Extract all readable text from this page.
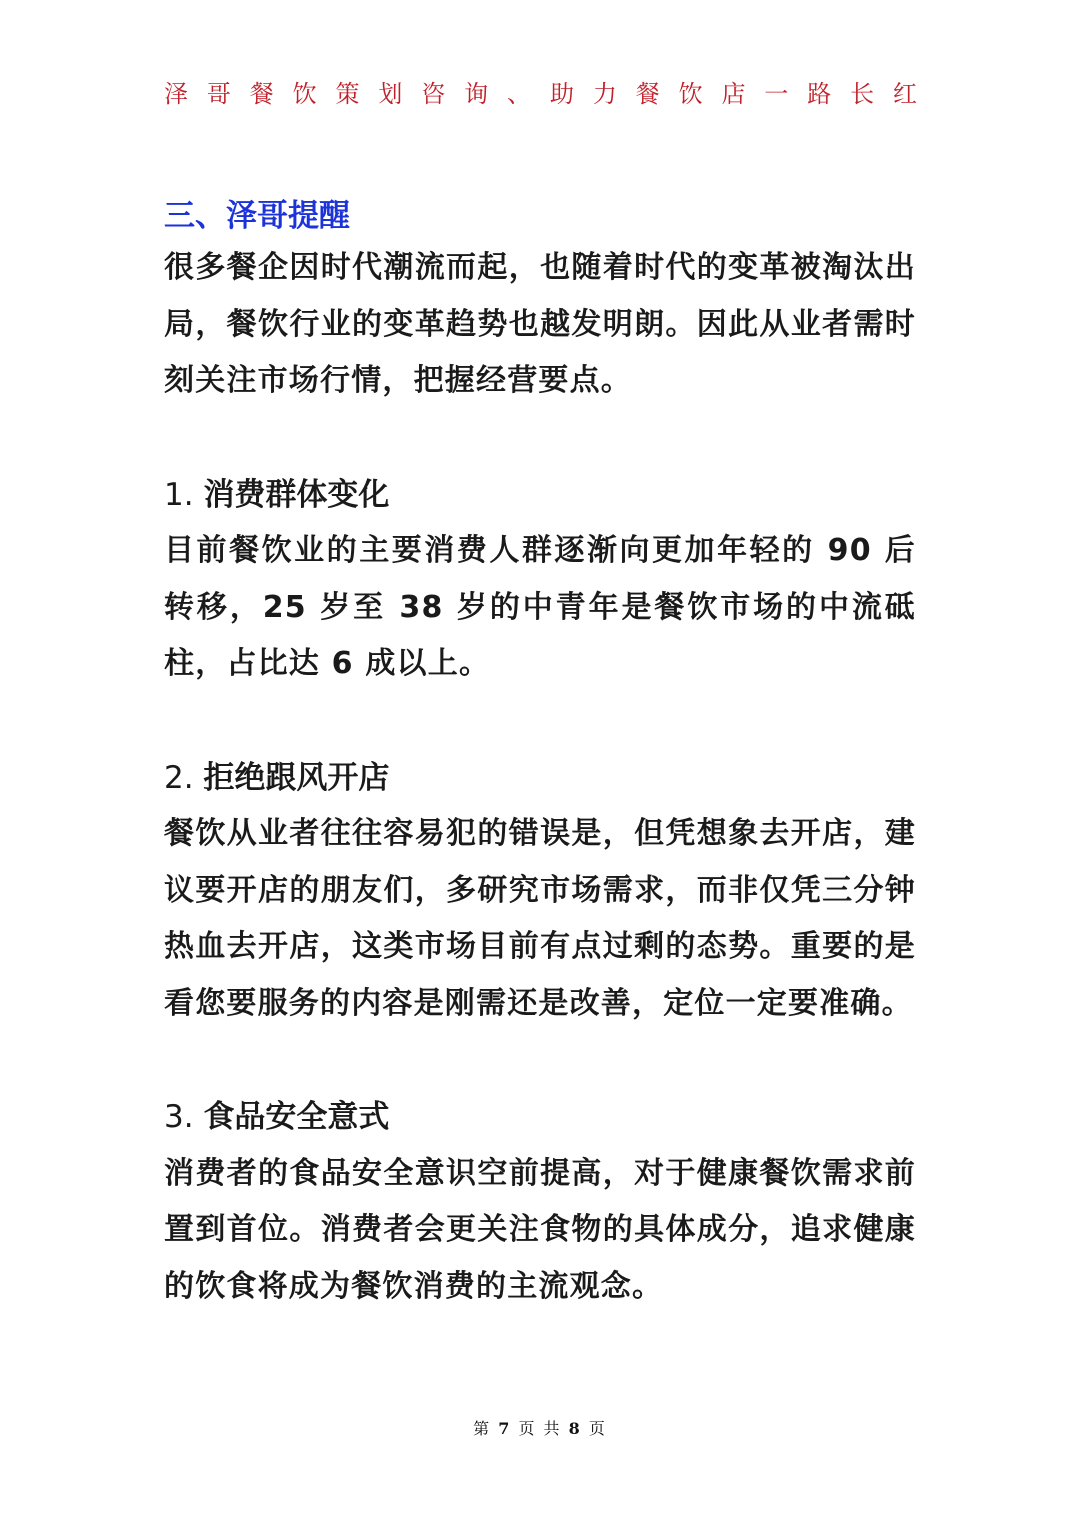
泽哥餐饮策划咨询、助力餐饮店一路长红
三、泽哥提醒

很多餐企因时代潮流而起，也随着时代的变革被淘汰出局，餐饮行业的变革趋势也越发明朗。因此从业者需时刻关注市场行情，把握经营要点。

1. 消费群体变化

目前餐饮业的主要消费人群逐渐向更加年轻的 90 后转移，25 岁至 38 岁的中青年是餐饮市场的中流砥柱，占比达 6 成以上。

2. 拒绝跟风开店

餐饮从业者往往容易犯的错误是，但凭想象去开店，建议要开店的朋友们，多研究市场需求，而非仅凭三分钟热血去开店，这类市场目前有点过剩的态势。重要的是看您要服务的内容是刚需还是改善，定位一定要准确。

3. 食品安全意式

消费者的食品安全意识空前提高，对于健康餐饮需求前置到首位。消费者会更关注食物的具体成分，追求健康的饮食将成为餐饮消费的主流观念。

第 7 页 共 8 页
